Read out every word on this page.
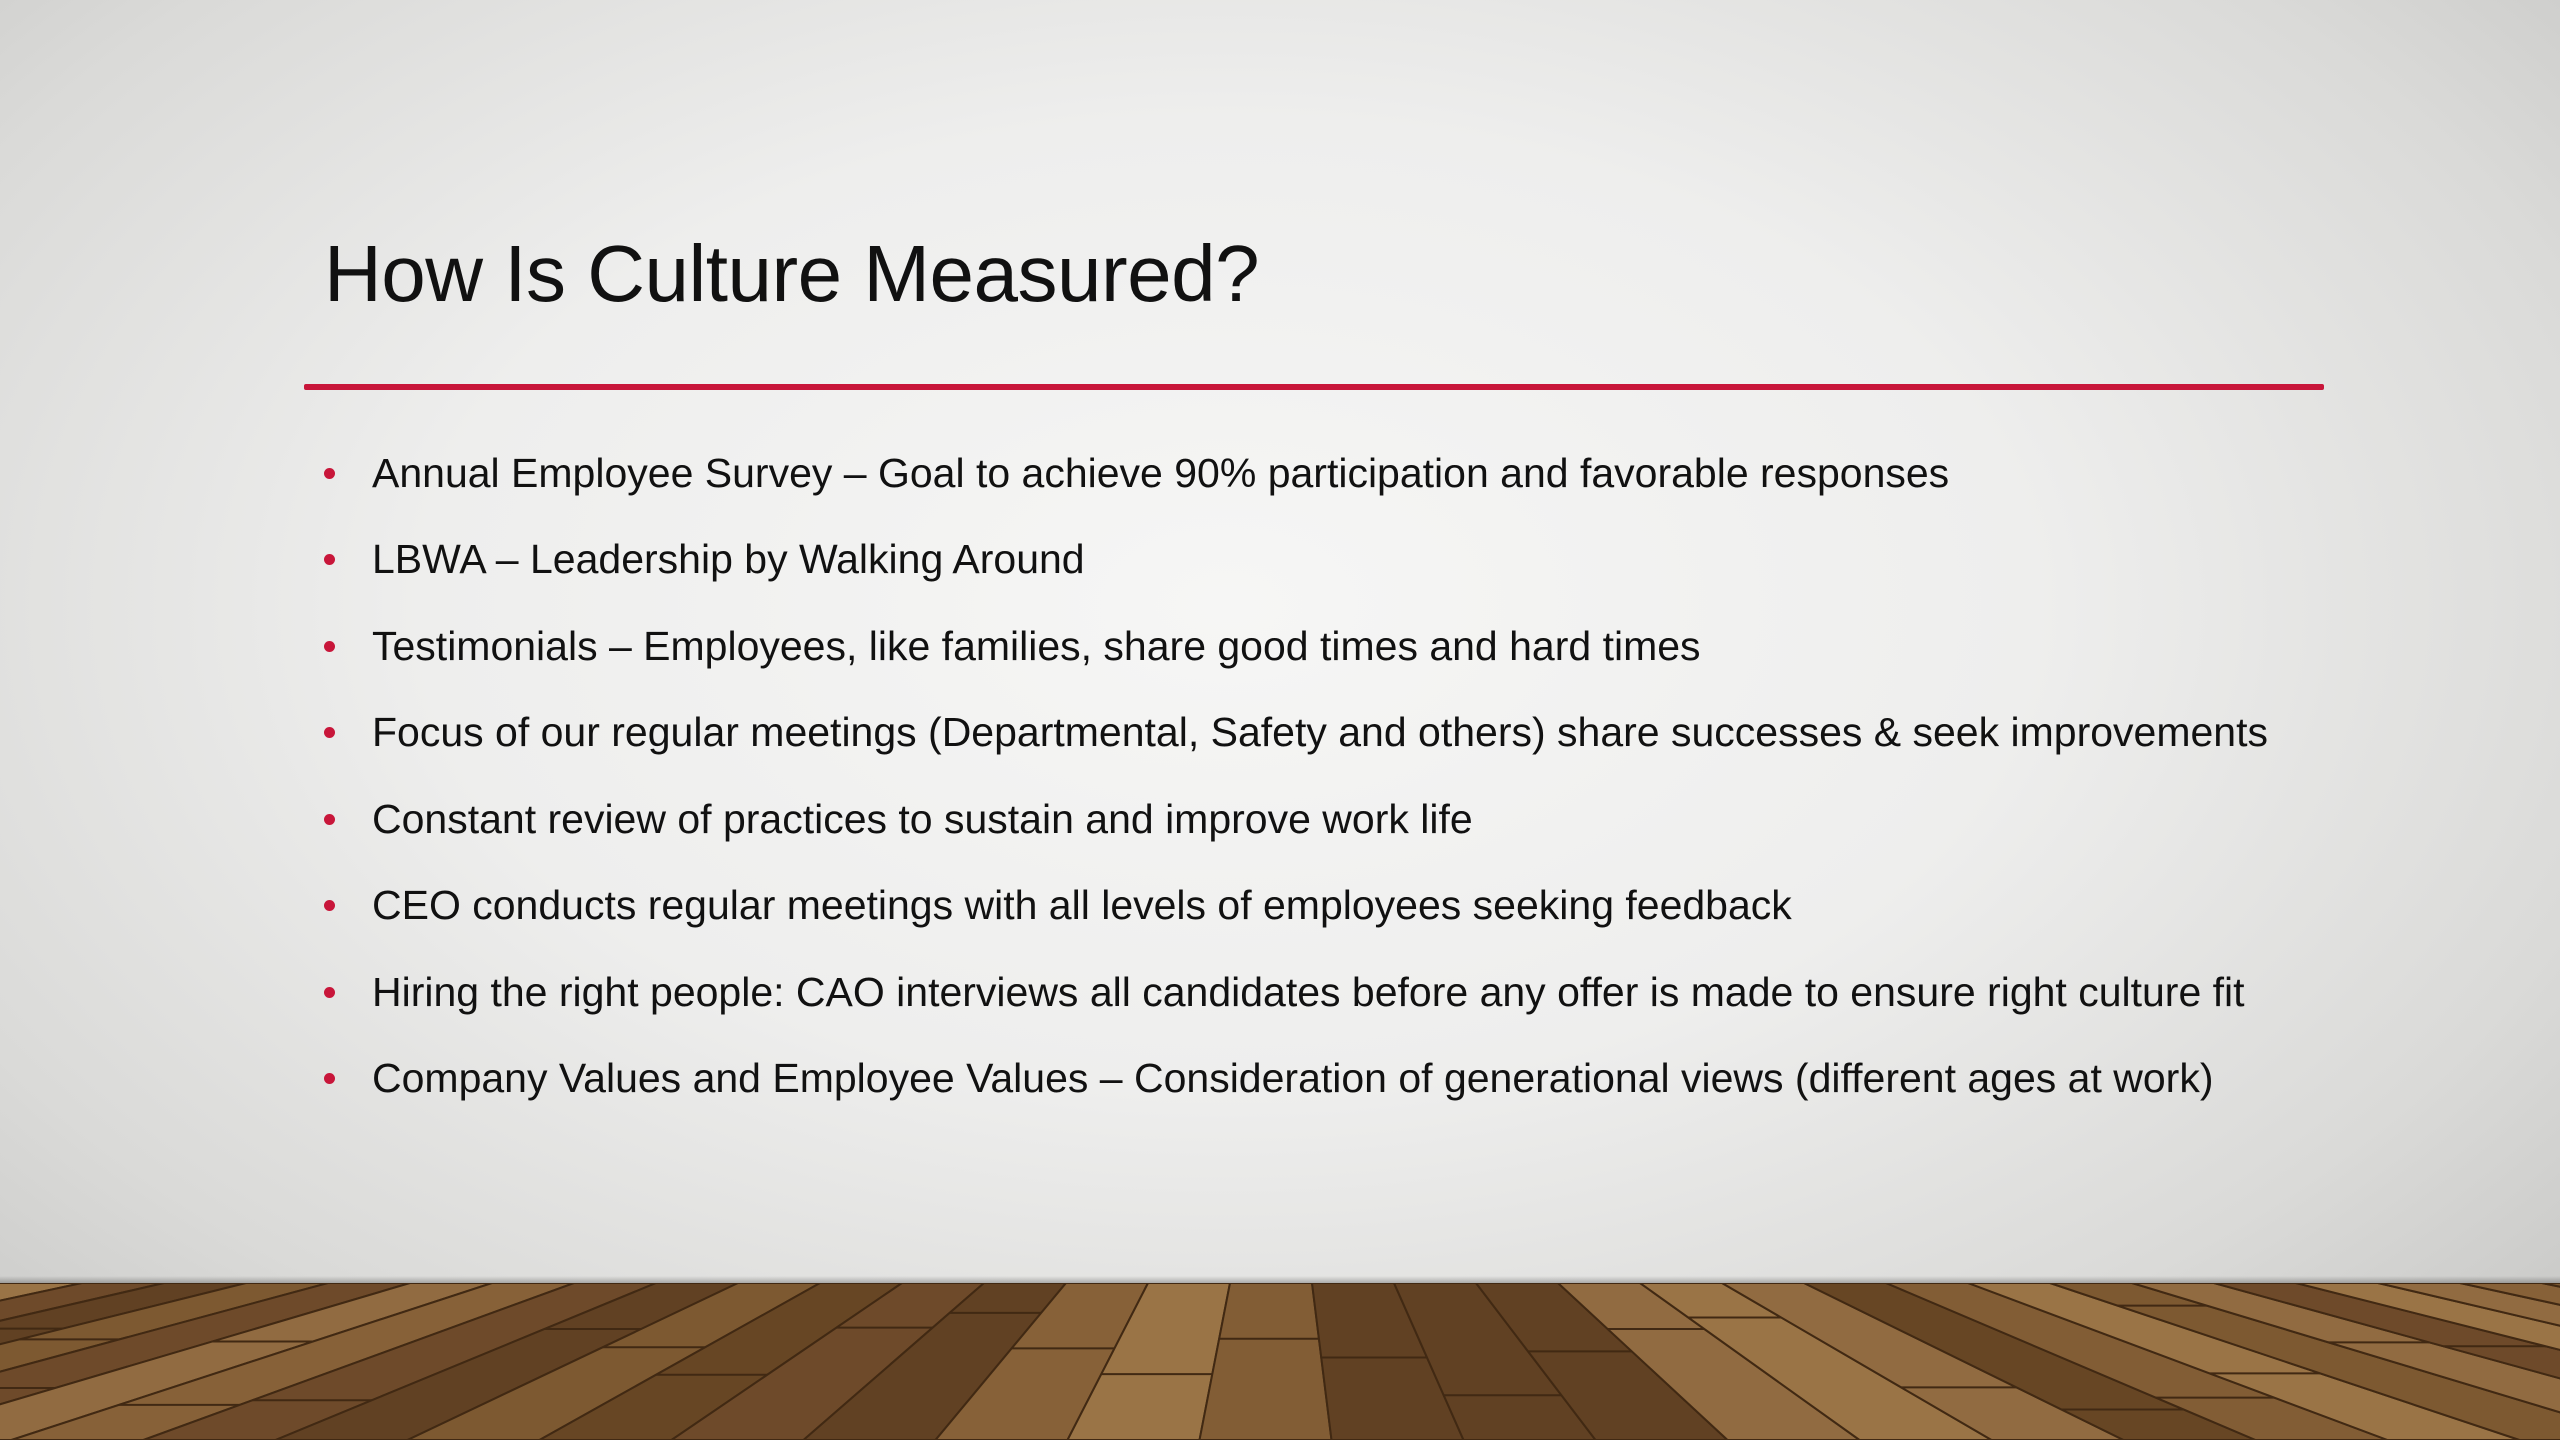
How Is Culture Measured?
Annual Employee Survey – Goal to achieve 90% participation and favorable responses
LBWA – Leadership by Walking Around
Testimonials – Employees, like families, share good times and hard times
Focus of our regular meetings (Departmental, Safety and others) share successes & seek improvements
Constant review of practices to sustain and improve work life
CEO conducts regular meetings with all levels of employees seeking feedback
Hiring the right people: CAO interviews all candidates before any offer is made to ensure right culture fit
Company Values and Employee Values – Consideration of generational views (different ages at work)
